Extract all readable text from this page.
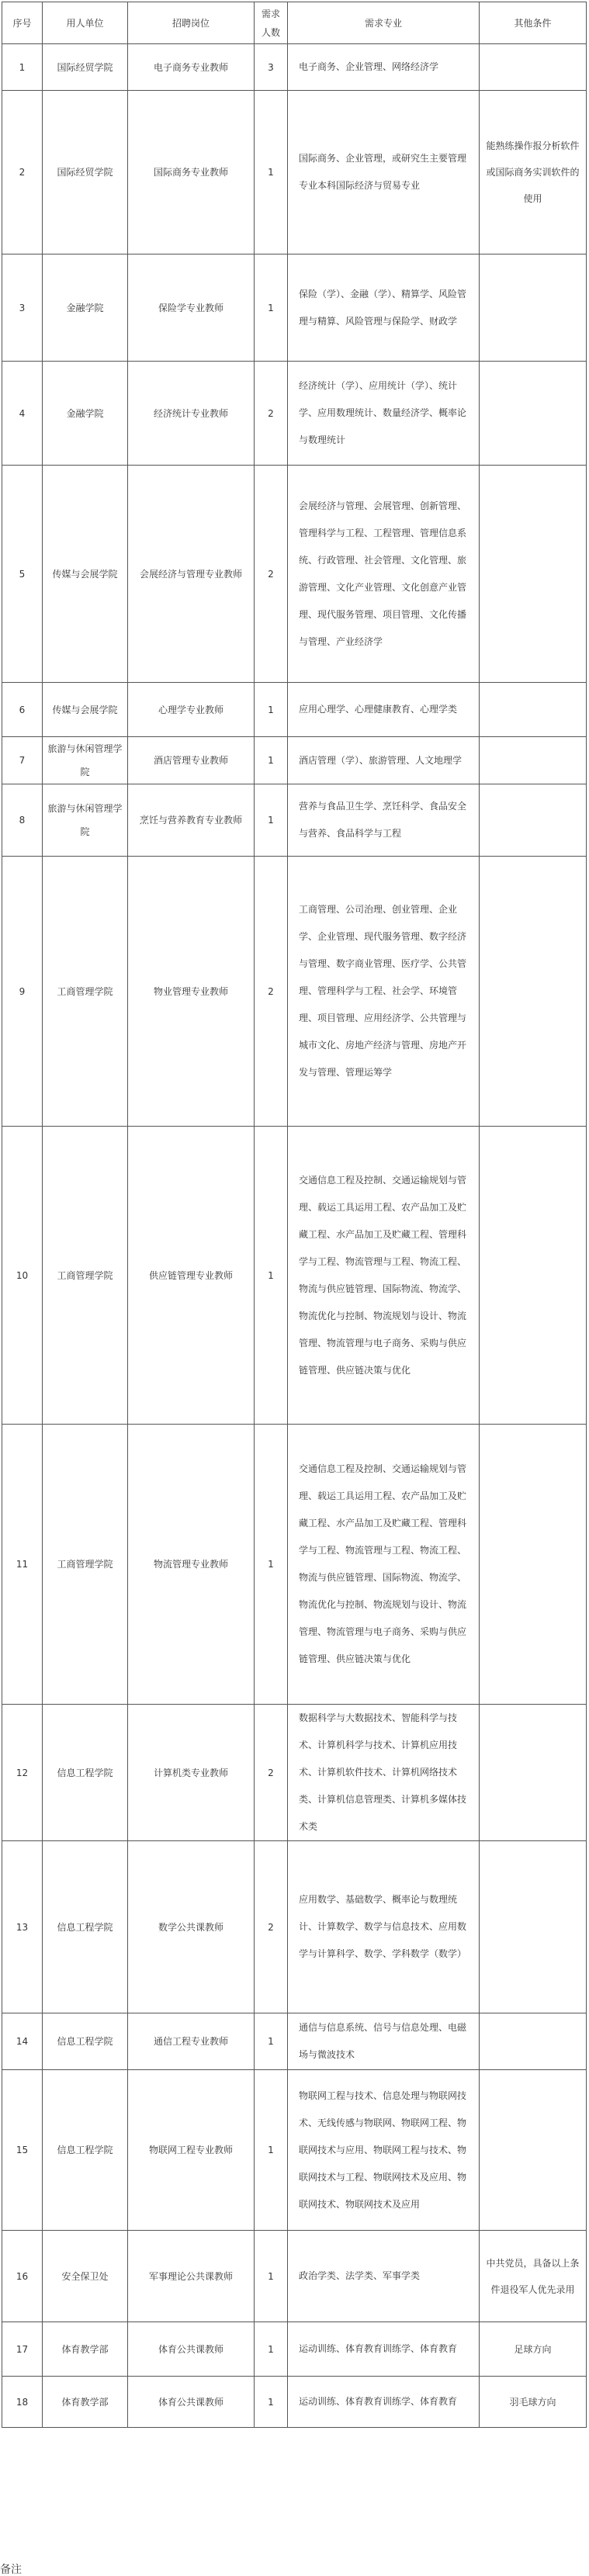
序号	用人单位	招聘岗位	需求人数	需求专业	其他条件
1	国际经贸学院	电子商务专业教师	3	电子商务、企业管理、网络经济学	
2	国际经贸学院	国际商务专业教师	1	国际商务、企业管理，或研究生主要管理专业本科国际经济与贸易专业	能熟练操作报分析软件或国际商务实训软件的使用
3	金融学院	保险学专业教师	1	保险（学）、金融（学）、精算学、风险管理与精算、风险管理与保险学、财政学	
4	金融学院	经济统计专业教师	2	经济统计（学）、应用统计（学）、统计学、应用数理统计、数量经济学、概率论与数理统计	
5	传媒与会展学院	会展经济与管理专业教师	2	会展经济与管理、会展管理、创新管理、管理科学与工程、工程管理、管理信息系统、行政管理、社会管理、文化管理、旅游管理、文化产业管理、文化创意产业管理、现代服务管理、项目管理、文化传播与管理、产业经济学	
6	传媒与会展学院	心理学专业教师	1	应用心理学、心理健康教育、心理学类	
7	旅游与休闲管理学院	酒店管理专业教师	1	酒店管理（学）、旅游管理、人文地理学	
8	旅游与休闲管理学院	烹饪与营养教育专业教师	1	营养与食品卫生学、烹饪科学、食品安全与营养、食品科学与工程	
9	工商管理学院	物业管理专业教师	2	工商管理、公司治理、创业管理、企业学、企业管理、现代服务管理、数字经济与管理、数字商业管理、医疗学、公共管理、管理科学与工程、社会学、环境管理、项目管理、应用经济学、公共管理与城市文化、房地产经济与管理、房地产开发与管理、管理运筹学	
10	工商管理学院	供应链管理专业教师	1	交通信息工程及控制、交通运输规划与管理、载运工具运用工程、农产品加工及贮藏工程、水产品加工及贮藏工程、管理科学与工程、物流管理与工程、物流工程、物流与供应链管理、国际物流、物流学、物流优化与控制、物流规划与设计、物流管理、物流管理与电子商务、采购与供应链管理、供应链决策与优化	
11	工商管理学院	物流管理专业教师	1	交通信息工程及控制、交通运输规划与管理、载运工具运用工程、农产品加工及贮藏工程、水产品加工及贮藏工程、管理科学与工程、物流管理与工程、物流工程、物流与供应链管理、国际物流、物流学、物流优化与控制、物流规划与设计、物流管理、物流管理与电子商务、采购与供应链管理、供应链决策与优化	
12	信息工程学院	计算机类专业教师	2	数据科学与大数据技术、智能科学与技术、计算机科学与技术、计算机应用技术、计算机软件技术、计算机网络技术类、计算机信息管理类、计算机多媒体技术类	
13	信息工程学院	数学公共课教师	2	应用数学、基础数学、概率论与数理统计、计算数学、数学与信息技术、应用数学与计算科学、数学、学科数学（数学）	
14	信息工程学院	通信工程专业教师	1	通信与信息系统、信号与信息处理、电磁场与微波技术	
15	信息工程学院	物联网工程专业教师	1	物联网工程与技术、信息处理与物联网技术、无线传感与物联网、物联网工程、物联网技术与应用、物联网工程与技术、物联网技术与工程、物联网技术及应用、物联网技术、物联网技术及应用	
16	安全保卫处	军事理论公共课教师	1	政治学类、法学类、军事学类	中共党员，具备以上条件退役军人优先录用
17	体育教学部	体育公共课教师	1	运动训练、体育教育训练学、体育教育	足球方向
18	体育教学部	体育公共课教师	1	运动训练、体育教育训练学、体育教育	羽毛球方向
备注
